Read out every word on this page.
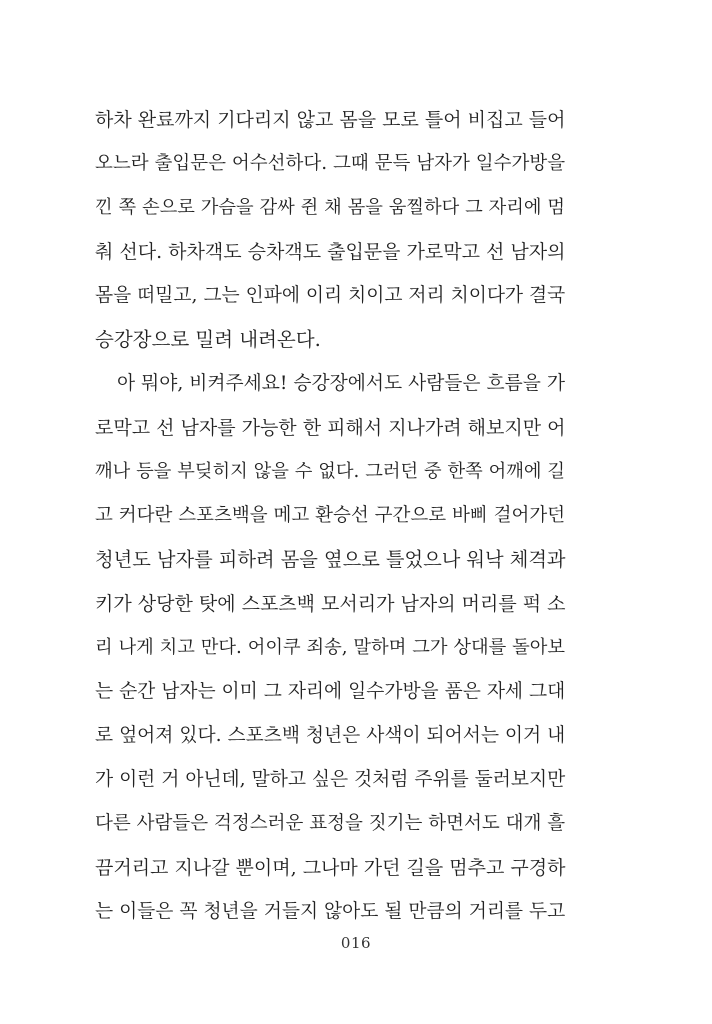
하차 완료까지 기다리지 않고 몸을 모로 틀어 비집고 들어
오느라 출입문은 어수선하다. 그때 문득 남자가 일수가방을
낀 쪽 손으로 가슴을 감싸 쥔 채 몸을 움찔하다 그 자리에 멈
춰 선다. 하차객도 승차객도 출입문을 가로막고 선 남자의
몸을 떠밀고, 그는 인파에 이리 치이고 저리 치이다가 결국
승강장으로 밀려 내려온다.
아 뭐야, 비켜주세요! 승강장에서도 사람들은 흐름을 가
로막고 선 남자를 가능한 한 피해서 지나가려 해보지만 어
깨나 등을 부딪히지 않을 수 없다. 그러던 중 한쪽 어깨에 길
고 커다란 스포츠백을 메고 환승선 구간으로 바삐 걸어가던
청년도 남자를 피하려 몸을 옆으로 틀었으나 워낙 체격과
키가 상당한 탓에 스포츠백 모서리가 남자의 머리를 퍽 소
리 나게 치고 만다. 어이쿠 죄송, 말하며 그가 상대를 돌아보
는 순간 남자는 이미 그 자리에 일수가방을 품은 자세 그대
로 엎어져 있다. 스포츠백 청년은 사색이 되어서는 이거 내
가 이런 거 아닌데, 말하고 싶은 것처럼 주위를 둘러보지만
다른 사람들은 걱정스러운 표정을 짓기는 하면서도 대개 흘
끔거리고 지나갈 뿐이며, 그나마 가던 길을 멈추고 구경하
는 이들은 꼭 청년을 거들지 않아도 될 만큼의 거리를 두고
016
